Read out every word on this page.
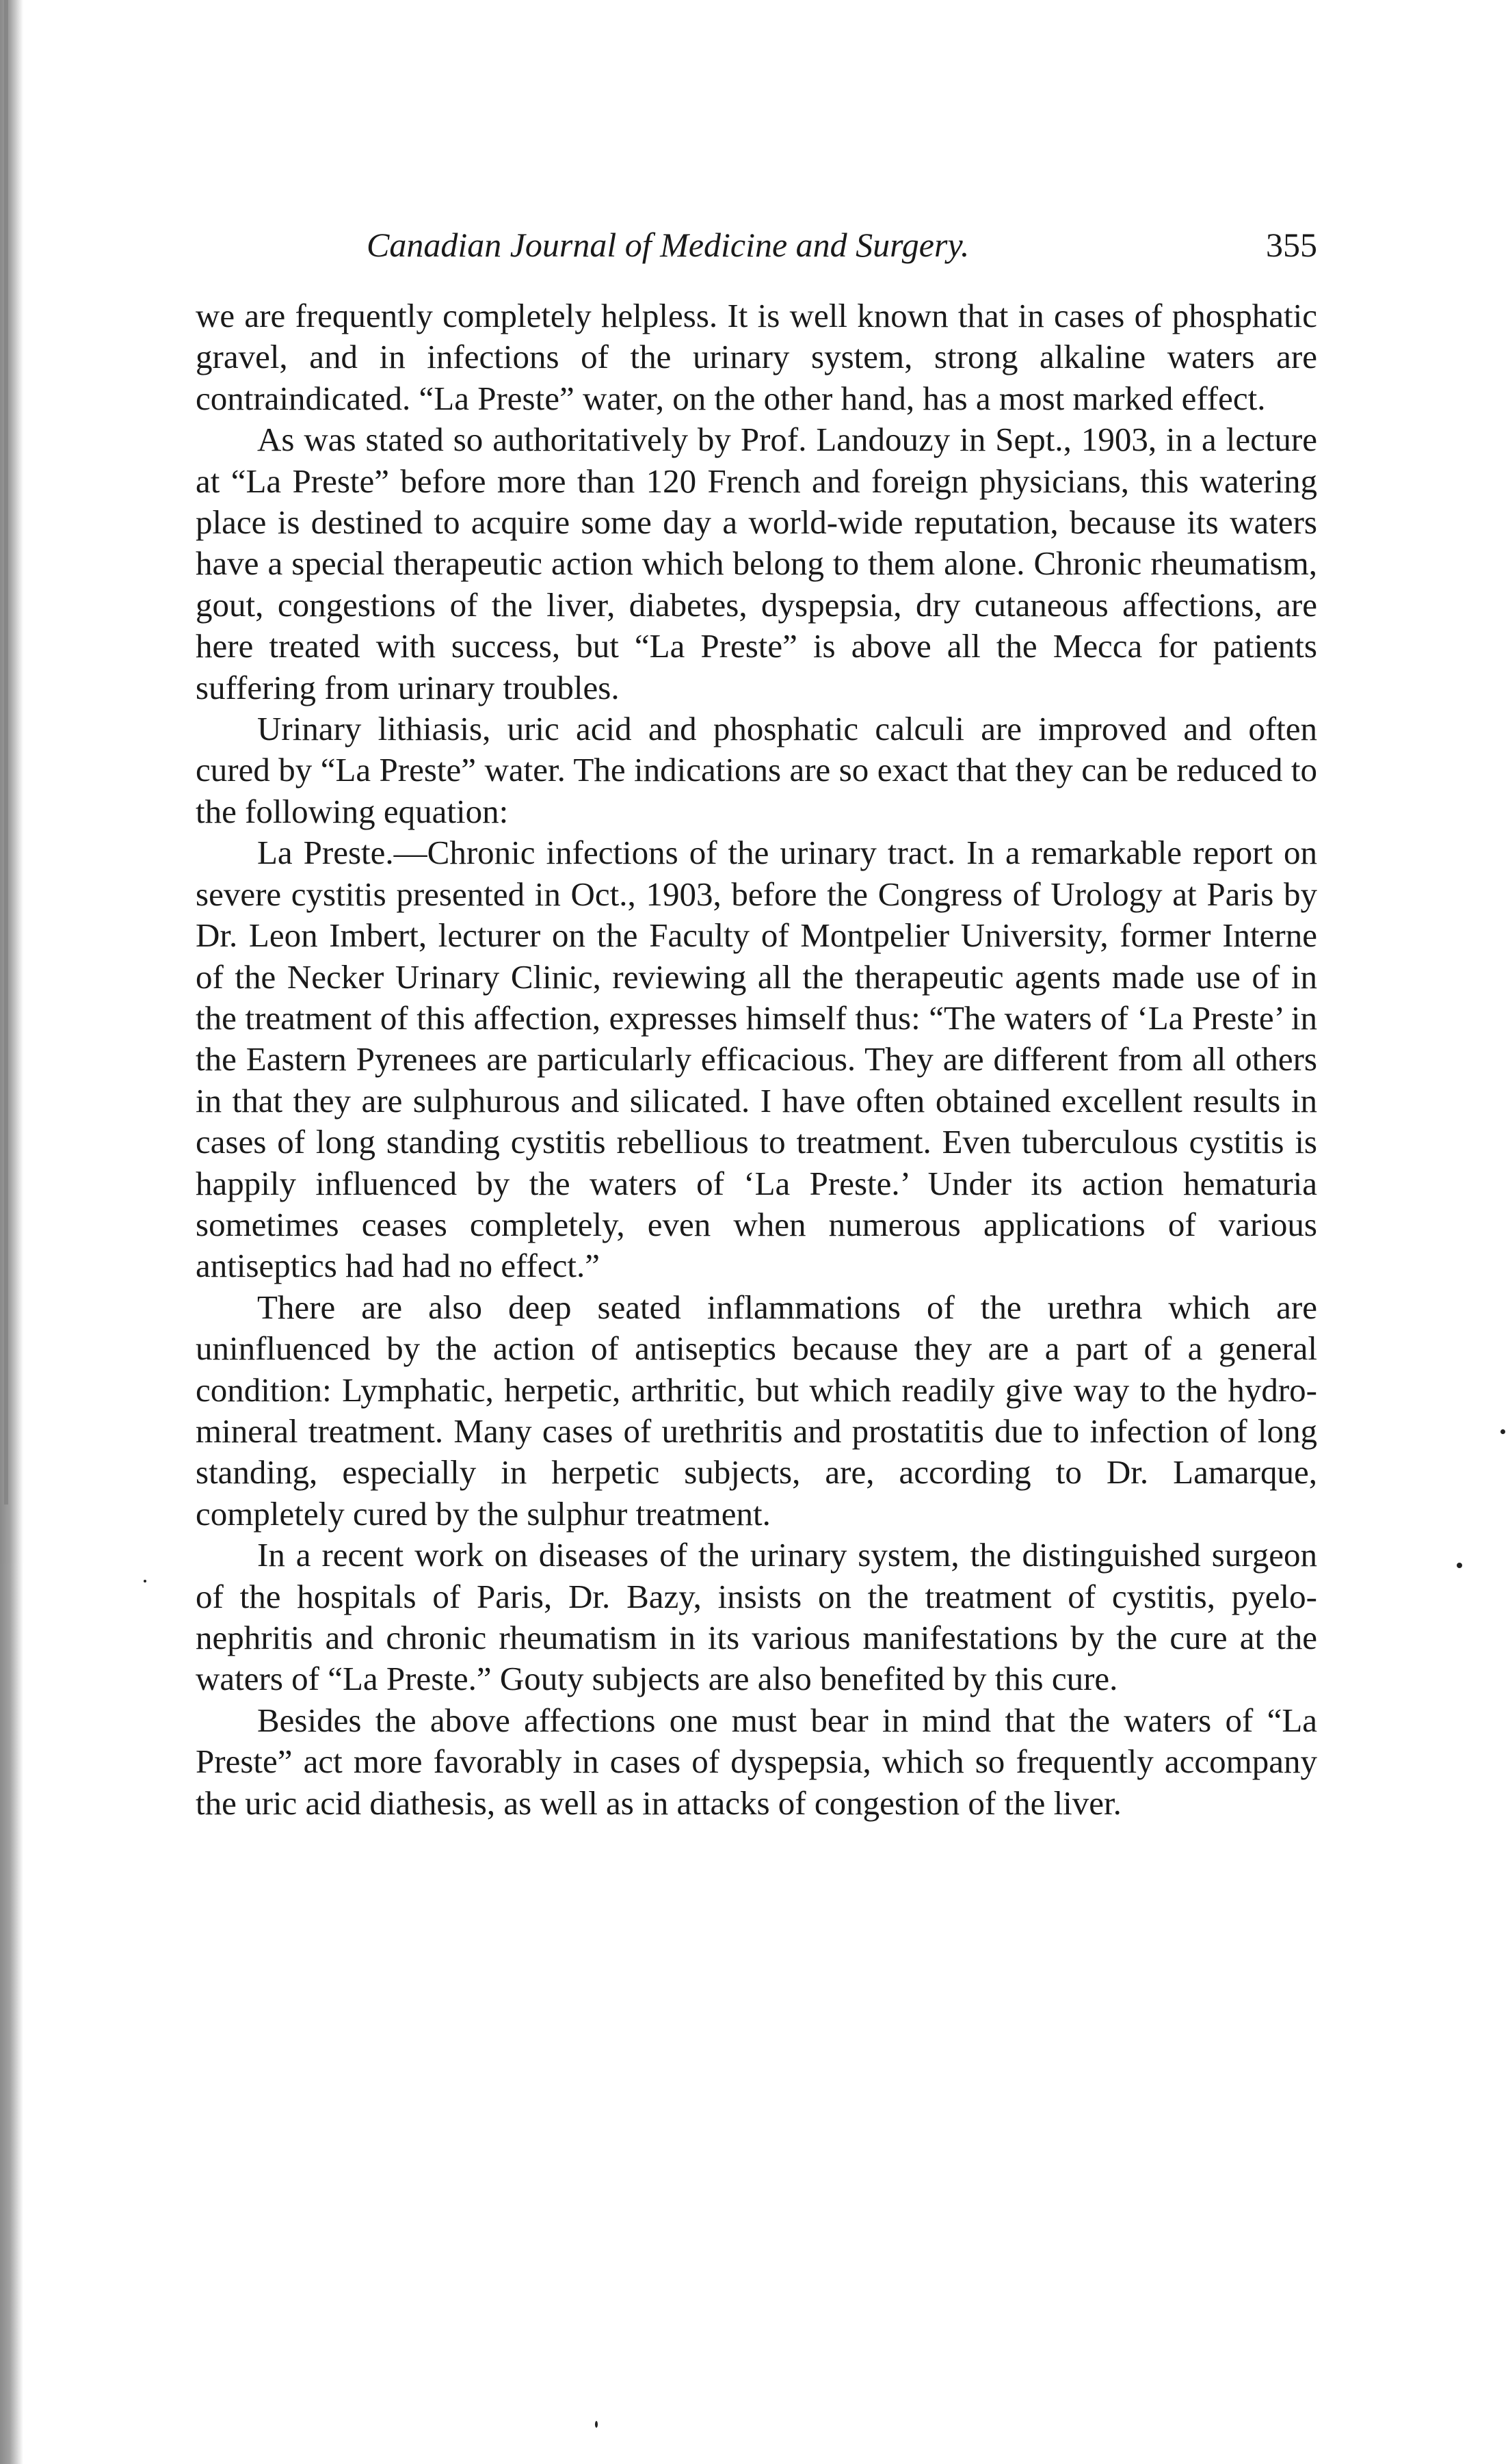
Canadian Journal of Medicine and Surgery.	355

we are frequently completely helpless. It is well known that in cases of phosphatic gravel, and in infections of the urinary system, strong alkaline waters are contraindicated. “La Preste” water, on the other hand, has a most marked effect.

As was stated so authoritatively by Prof. Landouzy in Sept., 1903, in a lecture at “La Preste” before more than 120 French and foreign physicians, this watering place is destined to acquire some day a world-wide reputation, because its waters have a special therapeutic action which belong to them alone. Chronic rheumatism, gout, congestions of the liver, diabetes, dyspepsia, dry cutaneous affections, are here treated with success, but “La Preste” is above all the Mecca for patients suffering from urinary troubles.

Urinary lithiasis, uric acid and phosphatic calculi are improved and often cured by “La Preste” water. The indications are so exact that they can be reduced to the following equation:

La Preste.—Chronic infections of the urinary tract. In a remarkable report on severe cystitis presented in Oct., 1903, before the Congress of Urology at Paris by Dr. Leon Imbert, lecturer on the Faculty of Montpelier University, former Interne of the Necker Urinary Clinic, reviewing all the therapeutic agents made use of in the treatment of this affection, expresses himself thus: “The waters of ‘La Preste’ in the Eastern Pyrenees are particularly efficacious. They are different from all others in that they are sulphurous and silicated. I have often obtained excellent results in cases of long standing cystitis rebellious to treatment. Even tuberculous cystitis is happily influenced by the waters of ‘La Preste.’ Under its action hematuria sometimes ceases completely, even when numerous applications of various antiseptics had had no effect.”

There are also deep seated inflammations of the urethra which are uninfluenced by the action of antiseptics because they are a part of a general condition: Lymphatic, herpetic, arthritic, but which readily give way to the hydro-mineral treatment. Many cases of urethritis and prostatitis due to infection of long standing, especially in herpetic subjects, are, according to Dr. Lamarque, completely cured by the sulphur treatment.

In a recent work on diseases of the urinary system, the distinguished surgeon of the hospitals of Paris, Dr. Bazy, insists on the treatment of cystitis, pyelo-nephritis and chronic rheumatism in its various manifestations by the cure at the waters of “La Preste.” Gouty subjects are also benefited by this cure.

Besides the above affections one must bear in mind that the waters of “La Preste” act more favorably in cases of dyspepsia, which so frequently accompany the uric acid diathesis, as well as in attacks of congestion of the liver.
